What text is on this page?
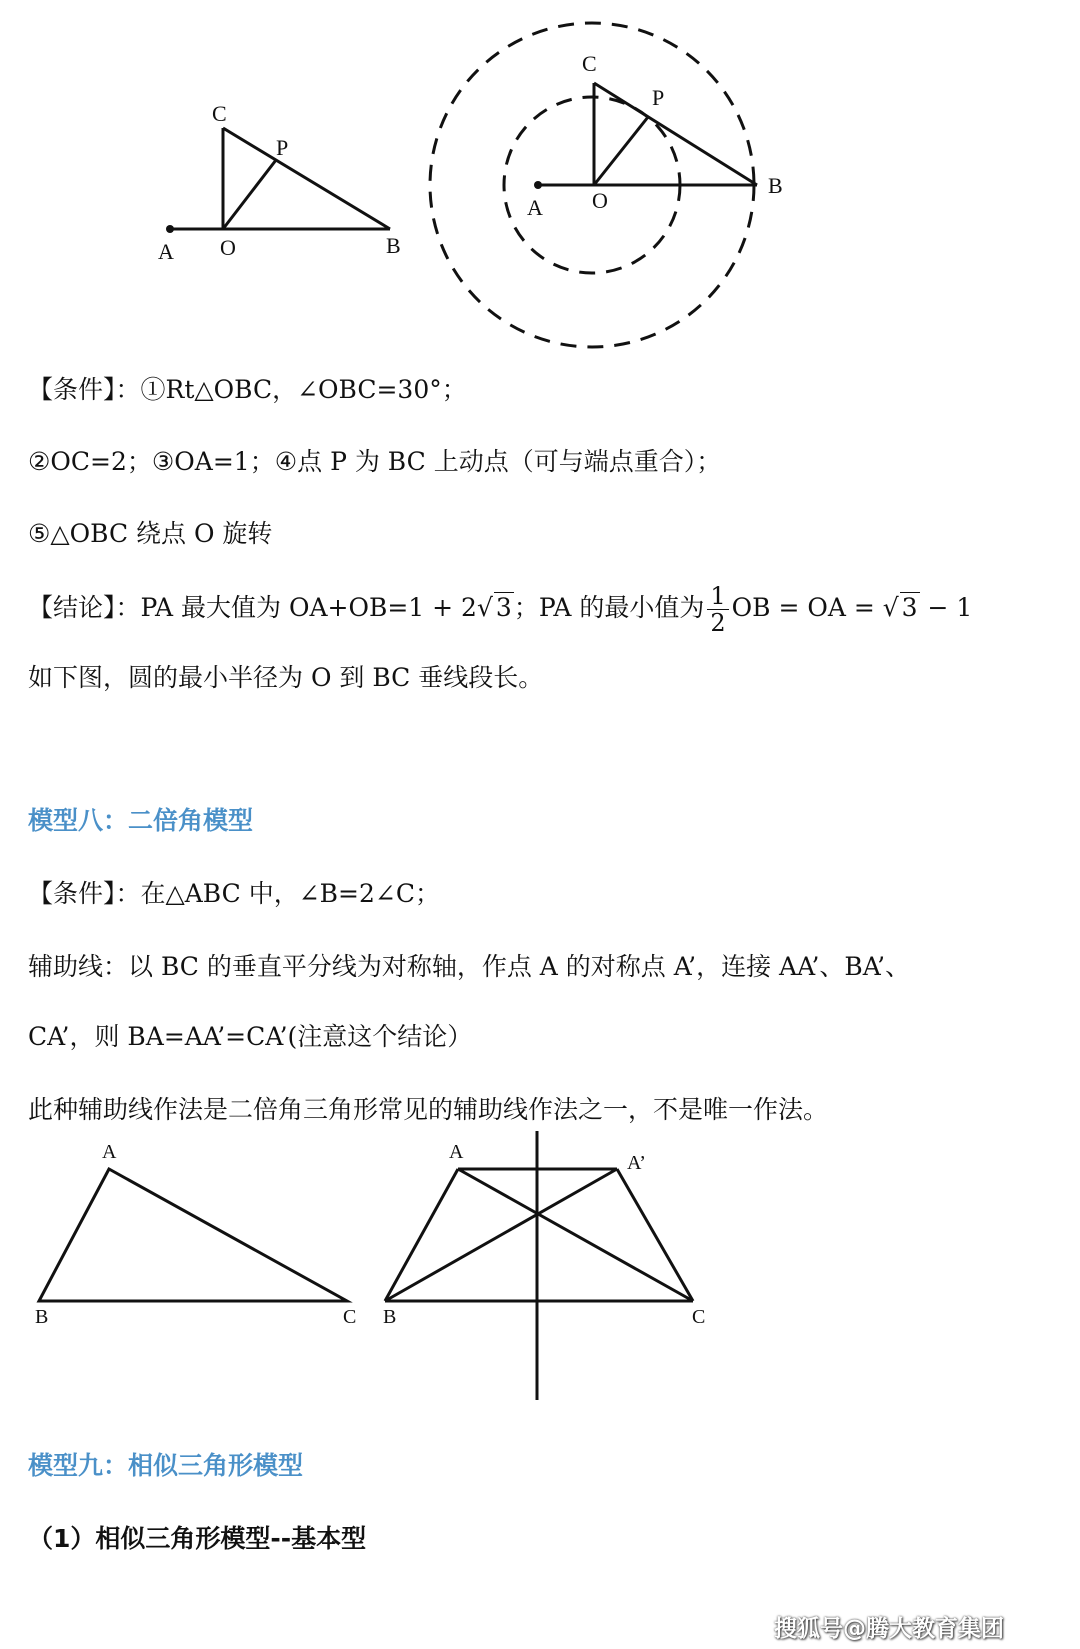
A O	B
C
P
A O
B
C
P
【条件】：①Rt△OBC，∠OBC=30°；
②OC=2；③OA=1；④点 P 为 BC 上动点（可与端点重合）；
⑤△OBC 绕点 O 旋转
【结论】：PA 最大值为 OA+OB=1 + 2√ 3；PA 的最小值为 $\frac{1}{2}$ OB = OA = √ 3 − 1
如下图，圆的最小半径为 O 到 BC 垂线段长。
模型八：二倍角模型
【条件】：在△ABC 中，∠B=2∠C；
辅助线：以 BC 的垂直平分线为对称轴，作点 A 的对称点 A’，连接 AA’、BA’、
CA’，则 BA=AA’=CA’(注意这个结论）
此种辅助线作法是二倍角三角形常见的辅助线作法之一，不是唯一作法。
A
B	C
A	A’
B	C
模型九：相似三角形模型
（1）相似三角形模型--基本型
搜狐号@腾大教育集团
